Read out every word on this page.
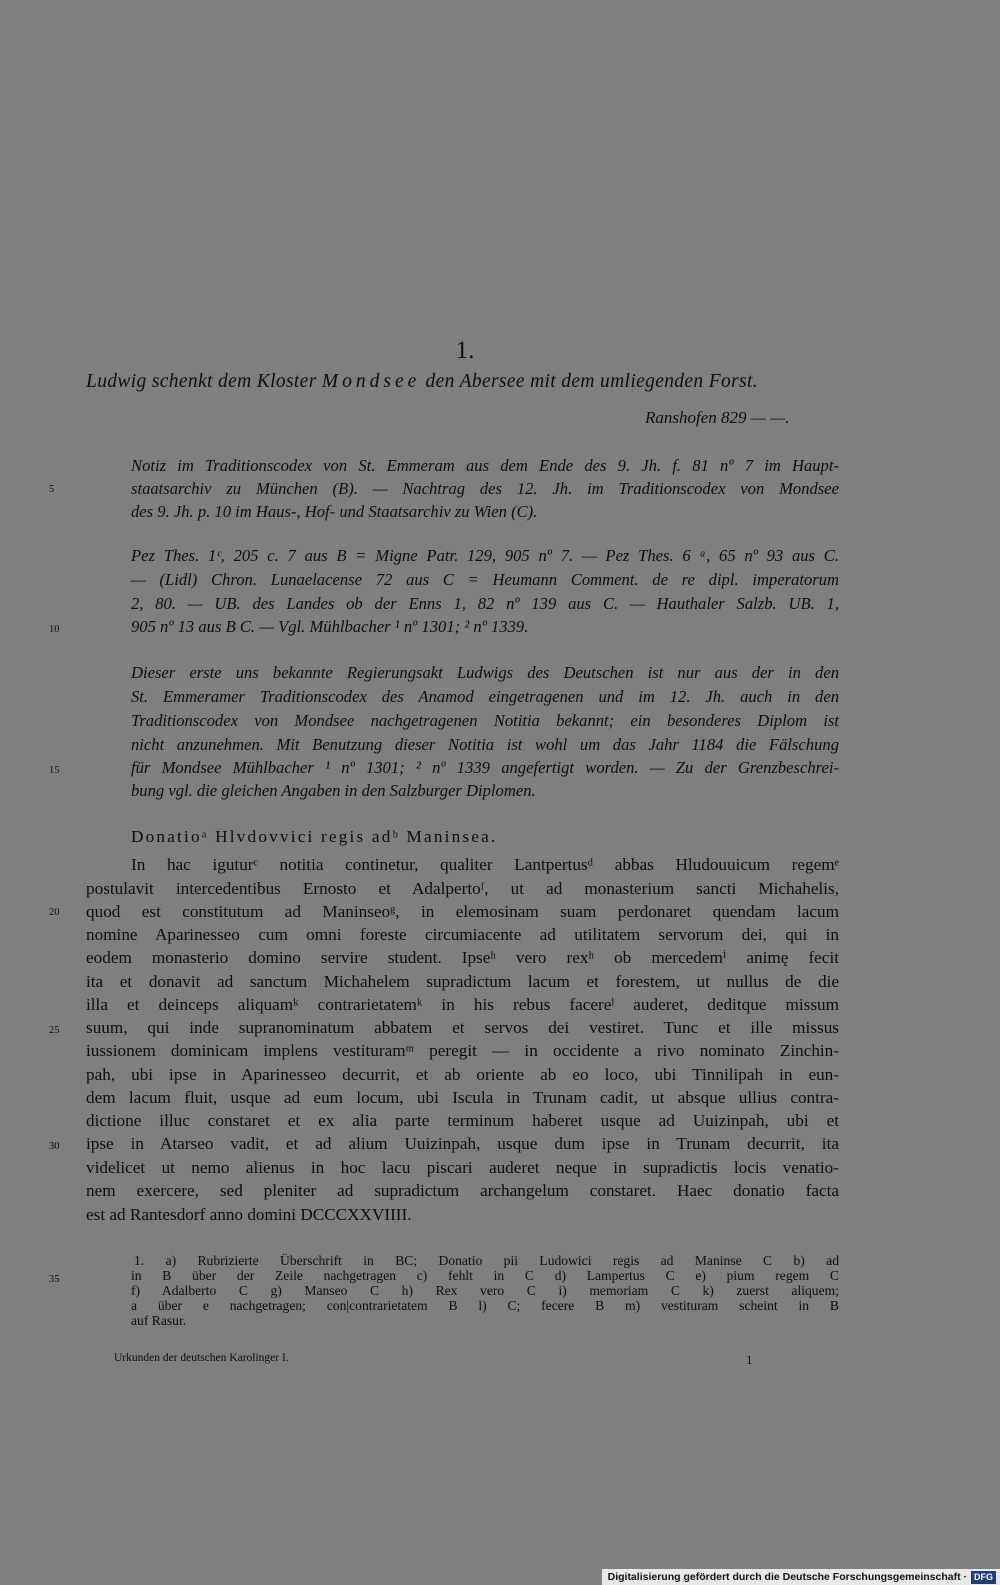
1.
Ludwig schenkt dem Kloster Mondsee den Abersee mit dem umliegenden Forst.
Ranshofen 829 — —.
5
10
15
20
25
30
35
Notiz im Traditionscodex von St. Emmeram aus dem Ende des 9. Jh. f. 81 nº 7 im Haupt-
staatsarchiv zu München (B). — Nachtrag des 12. Jh. im Traditionscodex von Mondsee
des 9. Jh. p. 10 im Haus-, Hof- und Staatsarchiv zu Wien (C).
Pez Thes. 1ᶜ, 205 c. 7 aus B = Migne Patr. 129, 905 nº 7. — Pez Thes. 6 ᵃ, 65 nº 93 aus C.
— (Lidl) Chron. Lunaelacense 72 aus C = Heumann Comment. de re dipl. imperatorum
2, 80. — UB. des Landes ob der Enns 1, 82 nº 139 aus C. — Hauthaler Salzb. UB. 1,
905 nº 13 aus B C. — Vgl. Mühlbacher ¹ nº 1301; ² nº 1339.
Dieser erste uns bekannte Regierungsakt Ludwigs des Deutschen ist nur aus der in den
St. Emmeramer Traditionscodex des Anamod eingetragenen und im 12. Jh. auch in den
Traditionscodex von Mondsee nachgetragenen Notitia bekannt; ein besonderes Diplom ist
nicht anzunehmen. Mit Benutzung dieser Notitia ist wohl um das Jahr 1184 die Fälschung
für Mondsee Mühlbacher ¹ nº 1301; ² nº 1339 angefertigt worden. — Zu der Grenzbeschrei-
bung vgl. die gleichen Angaben in den Salzburger Diplomen.
Donatioᵃ Hlvdovvici regis adᵇ Maninsea.
In hac iguturᶜ notitia continetur, qualiter Lantpertusᵈ abbas Hludouuicum regemᵉ
postulavit intercedentibus Ernosto et Adalpertoᶠ, ut ad monasterium sancti Michahelis,
quod est constitutum ad Maninseoᵍ, in elemosinam suam perdonaret quendam lacum
nomine Aparinesseo cum omni foreste circumiacente ad utilitatem servorum dei, qui in
eodem monasterio domino servire student. Ipseʰ vero rexʰ ob mercedemⁱ animę fecit
ita et donavit ad sanctum Michahelem supradictum lacum et forestem, ut nullus de die
illa et deinceps aliquamᵏ contrarietatemᵏ in his rebus facereˡ auderet, deditque missum
suum, qui inde supranominatum abbatem et servos dei vestiret. Tunc et ille missus
iussionem dominicam implens vestituramᵐ peregit — in occidente a rivo nominato Zinchin-
pah, ubi ipse in Aparinesseo decurrit, et ab oriente ab eo loco, ubi Tinnilipah in eun-
dem lacum fluit, usque ad eum locum, ubi Iscula in Trunam cadit, ut absque ullius contra-
dictione illuc constaret et ex alia parte terminum haberet usque ad Uuizinpah, ubi et
ipse in Atarseo vadit, et ad alium Uuizinpah, usque dum ipse in Trunam decurrit, ita
videlicet ut nemo alienus in hoc lacu piscari auderet neque in supradictis locis venatio-
nem exercere, sed pleniter ad supradictum archangelum constaret. Haec donatio facta
est ad Rantesdorf anno domini DCCCXXVIIII.
1. a) Rubrizierte Überschrift in BC; Donatio pii Ludowici regis ad Maninse C b) ad
in B über der Zeile nachgetragen c) fehlt in C d) Lampertus C e) pium regem C
f) Adalberto C g) Manseo C h) Rex vero C i) memoriam C k) zuerst aliquem;
a über e nachgetragen; con|contrarietatem B l) C; fecere B m) vestituram scheint in B
auf Rasur.
Urkunden der deutschen Karolinger I.	1
Digitalisierung gefördert durch die Deutsche Forschungsgemeinschaft · DFG
